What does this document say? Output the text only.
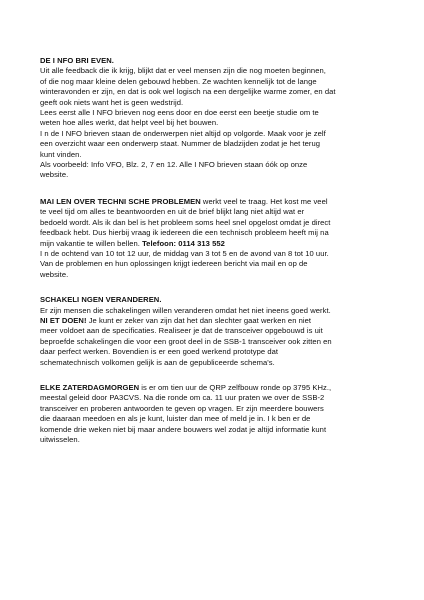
DE I NFO BRI EVEN.
Uit alle feedback die ik krijg, blijkt dat er veel mensen zijn die nog moeten beginnen,
of die nog maar kleine delen gebouwd hebben. Ze wachten kennelijk tot de lange
winteravonden er zijn, en dat is ook wel logisch na een dergelijke warme zomer, en dat
geeft ook niets want het is geen wedstrijd.
Lees eerst alle I NFO brieven nog eens door en doe eerst een beetje studie om te
weten hoe alles werkt, dat helpt veel bij het bouwen.
I n de I NFO brieven staan de onderwerpen niet altijd op volgorde. Maak voor je zelf
een overzicht waar een onderwerp staat. Nummer de bladzijden zodat je het terug
kunt vinden.
Als voorbeeld: Info VFO, Blz. 2, 7 en 12. Alle I NFO brieven staan óók op onze
website.
MAI LEN OVER TECHNI SCHE PROBLEMEN werkt veel te traag. Het kost me veel
te veel tijd om alles te beantwoorden en uit de brief blijkt lang niet altijd wat er
bedoeld wordt. Als ik dan bel is het probleem soms heel snel opgelost omdat je direct
feedback hebt. Dus hierbij vraag ik iedereen die een technisch probleem heeft mij na
mijn vakantie te willen bellen. Telefoon: 0114 313 552
I n de ochtend van 10 tot 12 uur, de middag van 3 tot 5 en de avond van 8 tot 10 uur.
Van de problemen en hun oplossingen krijgt iedereen bericht via mail en op de
website.
SCHAKELI NGEN VERANDEREN.
Er zijn mensen die schakelingen willen veranderen omdat het niet ineens goed werkt.
NI ET DOEN! Je kunt er zeker van zijn dat het dan slechter gaat werken en niet
meer voldoet aan de specificaties. Realiseer je dat de transceiver opgebouwd is uit
beproefde schakelingen die voor een groot deel in de SSB-1 transceiver ook zitten en
daar perfect werken. Bovendien is er een goed werkend prototype dat
schematechnisch volkomen gelijk is aan de gepubliceerde schema's.
ELKE ZATERDAGMORGEN is er om tien uur de QRP zelfbouw ronde op 3795 KHz.,
meestal geleid door PA3CVS. Na die ronde om ca. 11 uur praten we over de SSB-2
transceiver en proberen antwoorden te geven op vragen. Er zijn meerdere bouwers
die daaraan meedoen en als je kunt, luister dan mee of meld je in. I k ben er de
komende drie weken niet bij maar andere bouwers wel zodat je altijd informatie kunt
uitwisselen.
